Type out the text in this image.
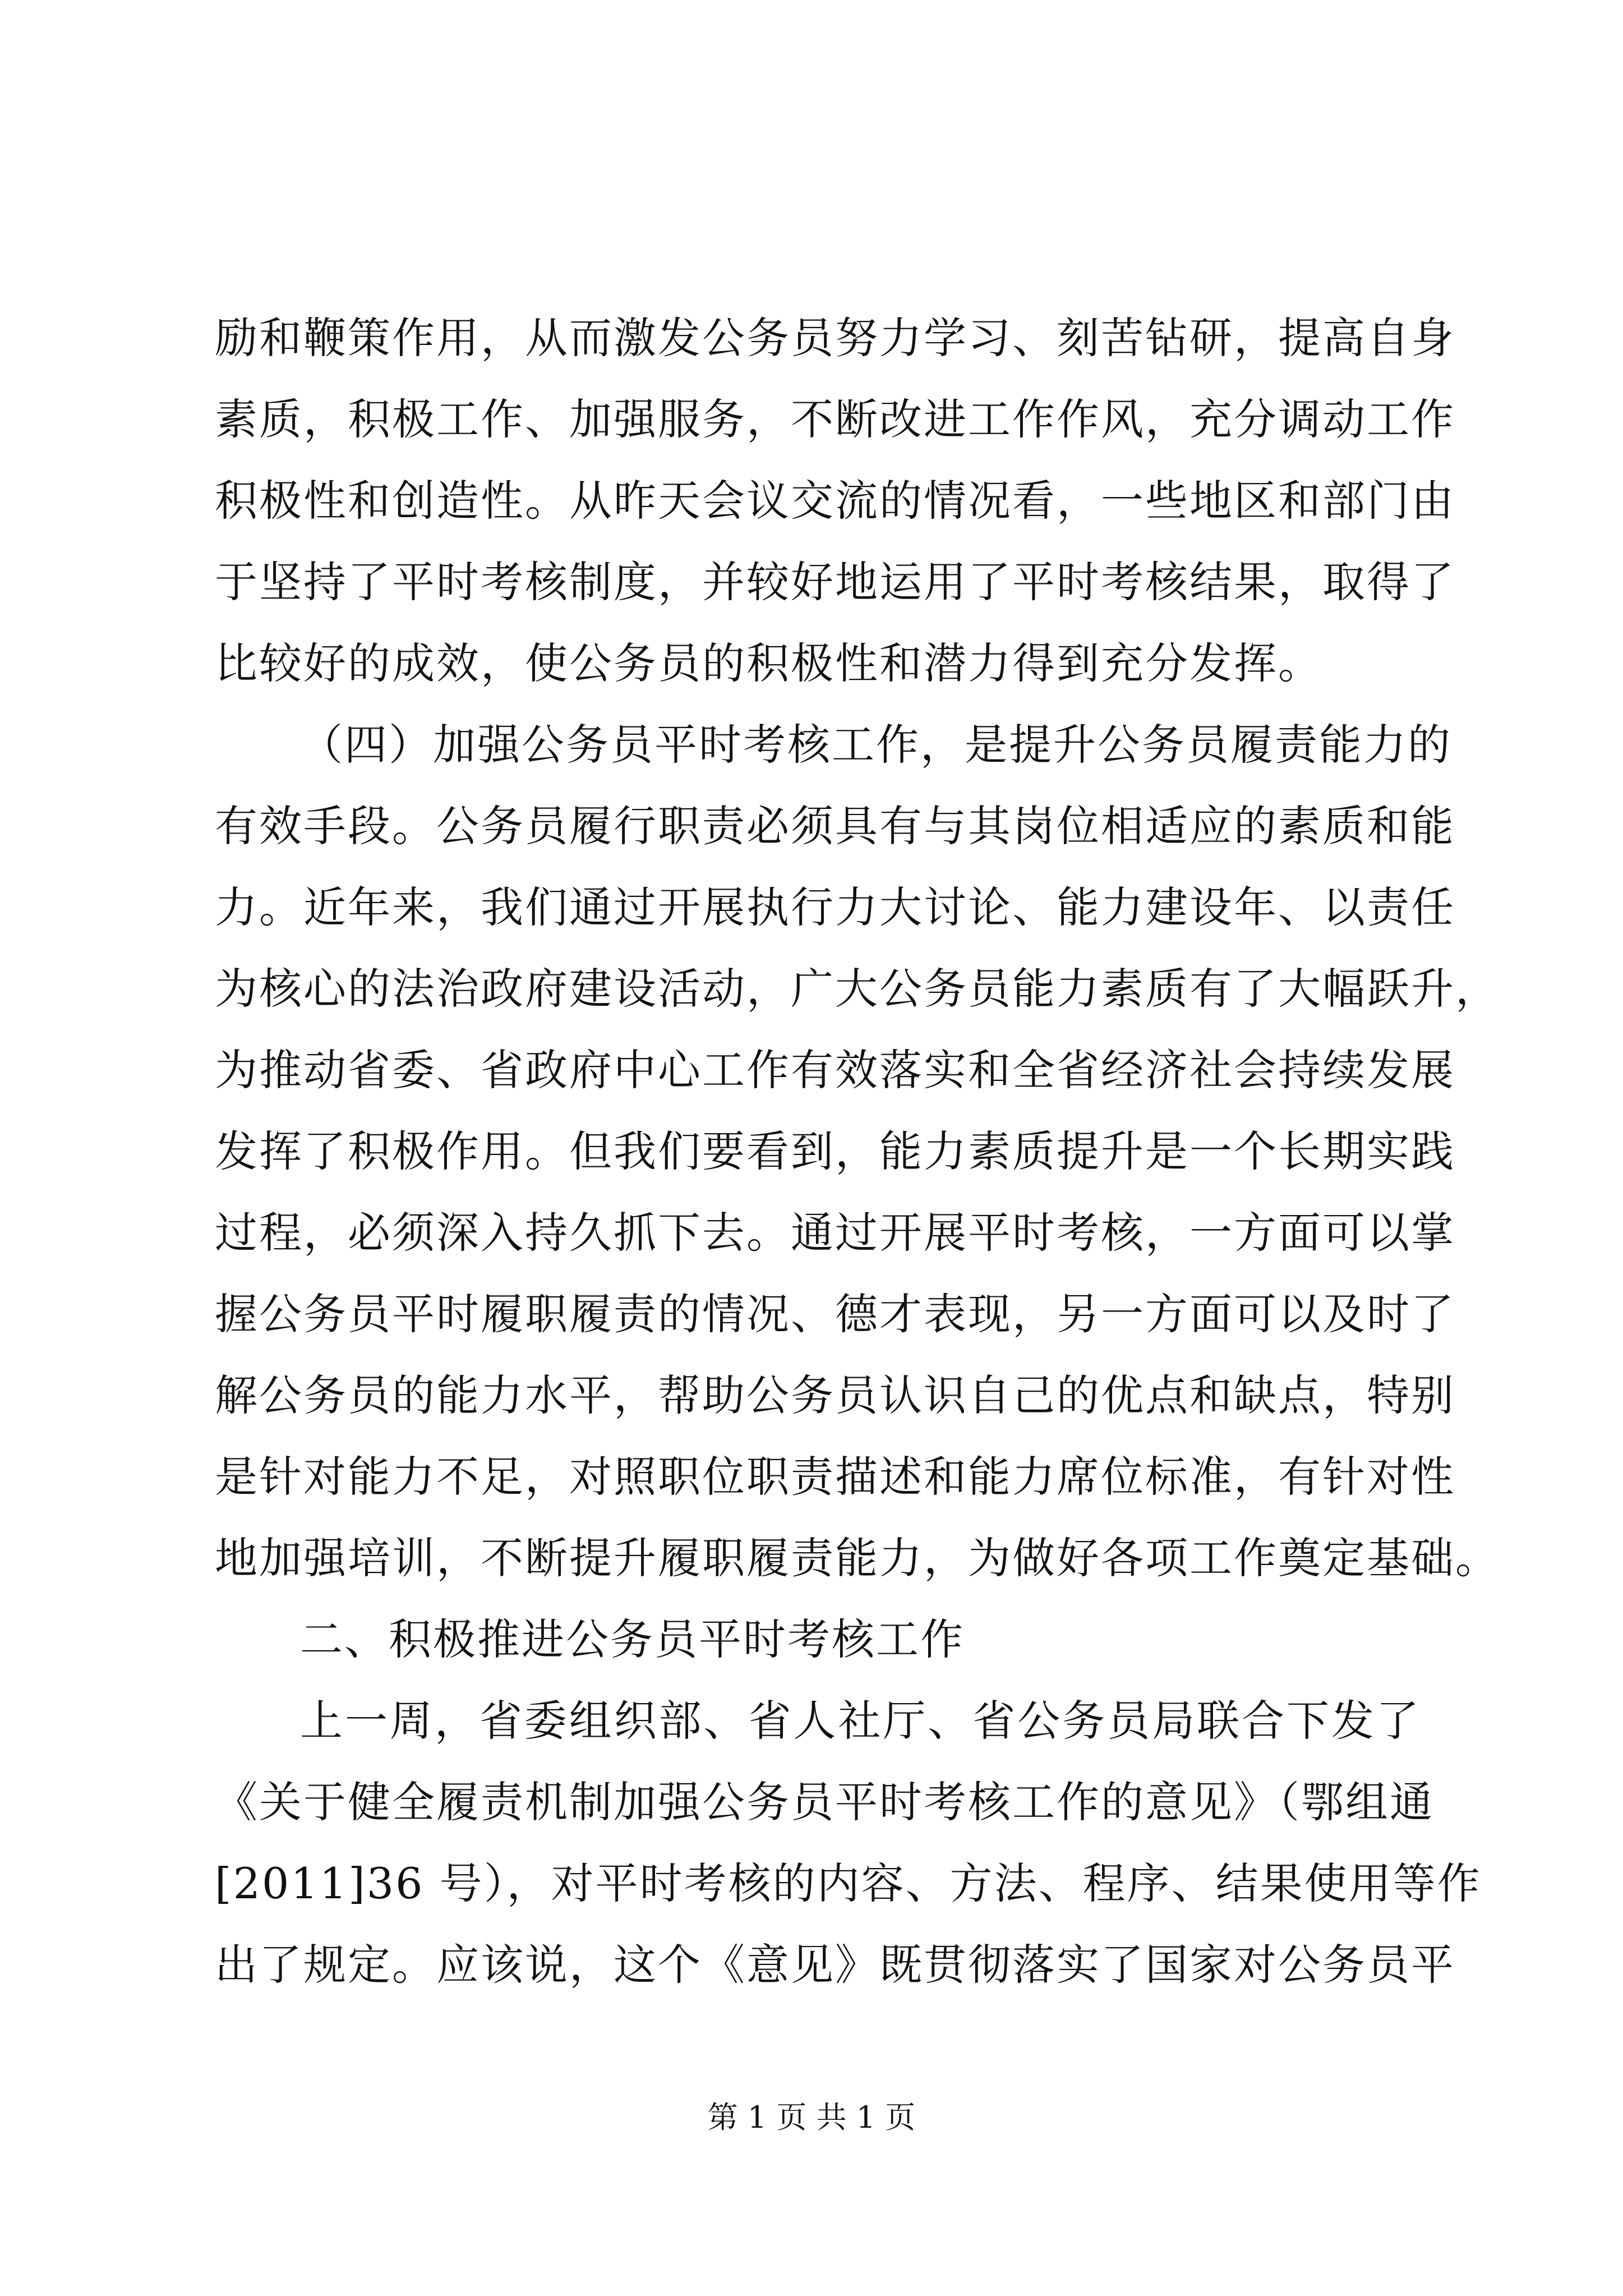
励和鞭策作用，从而激发公务员努力学习、刻苦钻研，提高自身
素质，积极工作、加强服务，不断改进工作作风，充分调动工作
积极性和创造性。从昨天会议交流的情况看，一些地区和部门由
于坚持了平时考核制度，并较好地运用了平时考核结果，取得了
比较好的成效，使公务员的积极性和潜力得到充分发挥。
（四）加强公务员平时考核工作，是提升公务员履责能力的
有效手段。公务员履行职责必须具有与其岗位相适应的素质和能
力。近年来，我们通过开展执行力大讨论、能力建设年、以责任
为核心的法治政府建设活动，广大公务员能力素质有了大幅跃升，
为推动省委、省政府中心工作有效落实和全省经济社会持续发展
发挥了积极作用。但我们要看到，能力素质提升是一个长期实践
过程，必须深入持久抓下去。通过开展平时考核，一方面可以掌
握公务员平时履职履责的情况、德才表现，另一方面可以及时了
解公务员的能力水平，帮助公务员认识自己的优点和缺点，特别
是针对能力不足，对照职位职责描述和能力席位标准，有针对性
地加强培训，不断提升履职履责能力，为做好各项工作奠定基础。
二、积极推进公务员平时考核工作
上一周，省委组织部、省人社厅、省公务员局联合下发了
《关于健全履责机制加强公务员平时考核工作的意见》（鄂组通
[2011]36 号），对平时考核的内容、方法、程序、结果使用等作
出了规定。应该说，这个《意见》既贯彻落实了国家对公务员平
第 1 页 共 1 页
